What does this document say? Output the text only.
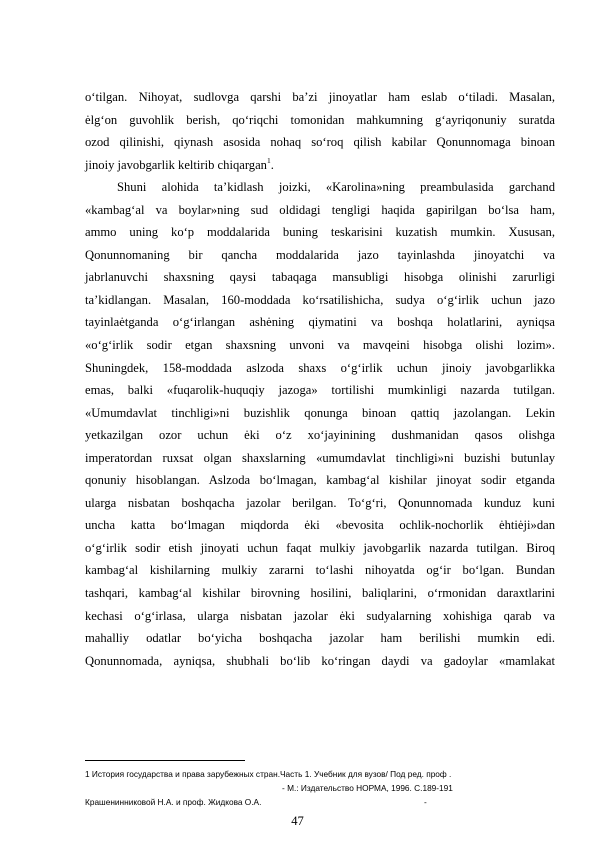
o‘tilgan. Nihoyat, sudlovga qarshi ba’zi jinoyatlar ham eslab o‘tiladi. Masalan,
ėlg‘on guvohlik berish, qo‘riqchi tomonidan mahkumning g‘ayriqonuniy suratda
ozod qilinishi, qiynash asosida nohaq so‘roq qilish kabilar Qonunnomaga binoan
jinoiy javobgarlik keltirib chiqargan$^1$.
Shuni alohida ta’kidlash joizki, «Karolina»ning preambulasida garchand
«kambag‘al va boylar»ning sud oldidagi tengligi haqida gapirilgan bo‘lsa ham,
ammo uning ko‘p moddalarida buning teskarisini kuzatish mumkin. Xususan,
Qonunnomaning bir qancha moddalarida jazo tayinlashda jinoyatchi va
jabrlanuvchi shaxsning qaysi tabaqaga mansubligi hisobga olinishi zarurligi
ta’kidlangan. Masalan, 160-moddada ko‘rsatilishicha, sudya o‘g‘irlik uchun jazo
tayinlaėtganda o‘g‘irlangan ashėning qiymatini va boshqa holatlarini, ayniqsa
«o‘g‘irlik sodir etgan shaxsning unvoni va mavqeini hisobga olishi lozim».
Shuningdek, 158-moddada aslzoda shaxs o‘g‘irlik uchun jinoiy javobgarlikka
emas, balki «fuqarolik-huquqiy jazoga» tortilishi mumkinligi nazarda tutilgan.
«Umumdavlat tinchligi»ni buzishlik qonunga binoan qattiq jazolangan. Lekin
yetkazilgan ozor uchun ėki o‘z xo‘jayinining dushmanidan qasos olishga
imperatordan ruxsat olgan shaxslarning «umumdavlat tinchligi»ni buzishi butunlay
qonuniy hisoblangan. Aslzoda bo‘lmagan, kambag‘al kishilar jinoyat sodir etganda
ularga nisbatan boshqacha jazolar berilgan. To‘g‘ri, Qonunnomada kunduz kuni
uncha katta bo‘lmagan miqdorda ėki «bevosita ochlik-nochorlik ėhtiėji»dan
o‘g‘irlik sodir etish jinoyati uchun faqat mulkiy javobgarlik nazarda tutilgan. Biroq
kambag‘al kishilarning mulkiy zararni to‘lashi nihoyatda og‘ir bo‘lgan. Bundan
tashqari, kambag‘al kishilar birovning hosilini, baliqlarini, o‘rmonidan daraxtlarini
kechasi o‘g‘irlasa, ularga nisbatan jazolar ėki sudyalarning xohishiga qarab va
mahalliy odatlar bo‘yicha boshqacha jazolar ham berilishi mumkin edi.
Qonunnomada, ayniqsa, shubhali bo‘lib ko‘ringan daydi va gadoylar «mamlakat
1 История государства и права зарубежных стран.Часть 1. Учебник для вузов/ Под ред. проф .
- М.: Издательство НОРМА, 1996. С.189-191
Крашенинниковой Н.А. и проф. Жидкова О.А.	-
47
